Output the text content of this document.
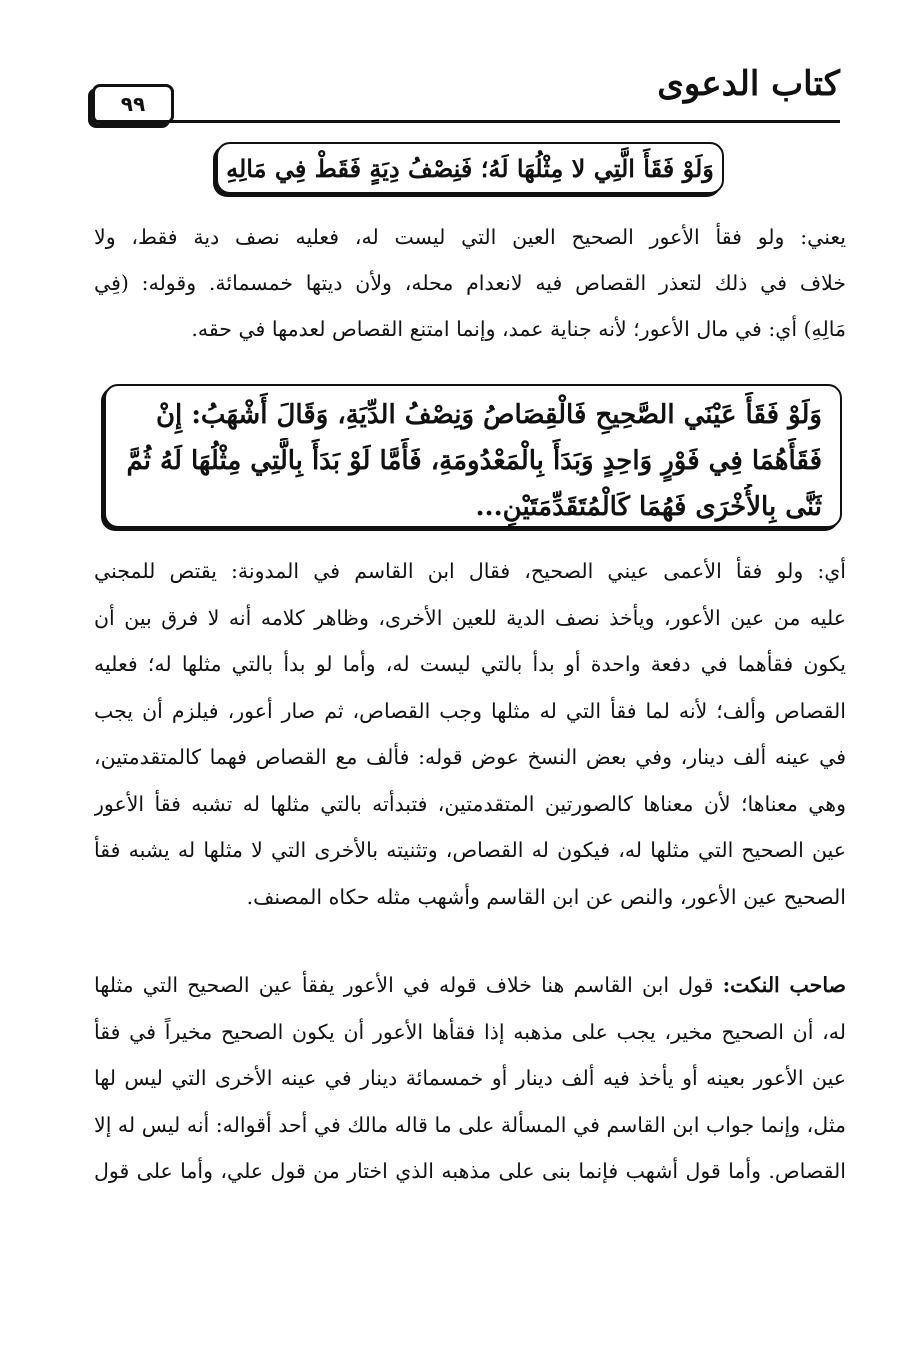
كتاب الدعوى
٩٩
وَلَوْ فَقَأَ الَّتِي لا مِثْلُهَا لَهُ؛ فَنِصْفُ دِيَةٍ فَقَطْ فِي مَالِهِ
يعني: ولو فقأ الأعور الصحيح العين التي ليست له، فعليه نصف دية فقط، ولا
خلاف في ذلك لتعذر القصاص فيه لانعدام محله، ولأن ديتها خمسمائة. وقوله: (فِي
مَالِهِ) أي: في مال الأعور؛ لأنه جناية عمد، وإنما امتنع القصاص لعدمها في حقه.
وَلَوْ فَقَأَ عَيْنَي الصَّحِيحِ فَالْقِصَاصُ وَنِصْفُ الدِّيَةِ، وَقَالَ أَشْهَبُ: إِنْ
فَقَأَهُمَا فِي فَوْرٍ وَاحِدٍ وَبَدَأَ بِالْمَعْدُومَةِ، فَأَمَّا لَوْ بَدَأَ بِالَّتِي مِثْلُهَا لَهُ ثُمَّ
ثَنَّى بِالأُخْرَى فَهُمَا كَالْمُتَقَدِّمَتَيْنِ...
أي: ولو فقأ الأعمى عيني الصحيح، فقال ابن القاسم في المدونة: يقتص للمجني
عليه من عين الأعور، ويأخذ نصف الدية للعين الأخرى، وظاهر كلامه أنه لا فرق بين أن
يكون فقأهما في دفعة واحدة أو بدأ بالتي ليست له، وأما لو بدأ بالتي مثلها له؛ فعليه
القصاص وألف؛ لأنه لما فقأ التي له مثلها وجب القصاص، ثم صار أعور، فيلزم أن يجب
في عينه ألف دينار، وفي بعض النسخ عوض قوله: فألف مع القصاص فهما كالمتقدمتين،
وهي معناها؛ لأن معناها كالصورتين المتقدمتين، فتبدأته بالتي مثلها له تشبه فقأ الأعور
عين الصحيح التي مثلها له، فيكون له القصاص، وتثنيته بالأخرى التي لا مثلها له يشبه فقأ
الصحيح عين الأعور، والنص عن ابن القاسم وأشهب مثله حكاه المصنف.
صاحب النكت: قول ابن القاسم هنا خلاف قوله في الأعور يفقأ عين الصحيح التي مثلها
له، أن الصحيح مخير، يجب على مذهبه إذا فقأها الأعور أن يكون الصحيح مخيراً في فقأ
عين الأعور بعينه أو يأخذ فيه ألف دينار أو خمسمائة دينار في عينه الأخرى التي ليس لها
مثل، وإنما جواب ابن القاسم في المسألة على ما قاله مالك في أحد أقواله: أنه ليس له إلا
القصاص. وأما قول أشهب فإنما بنى على مذهبه الذي اختار من قول علي، وأما على قول
